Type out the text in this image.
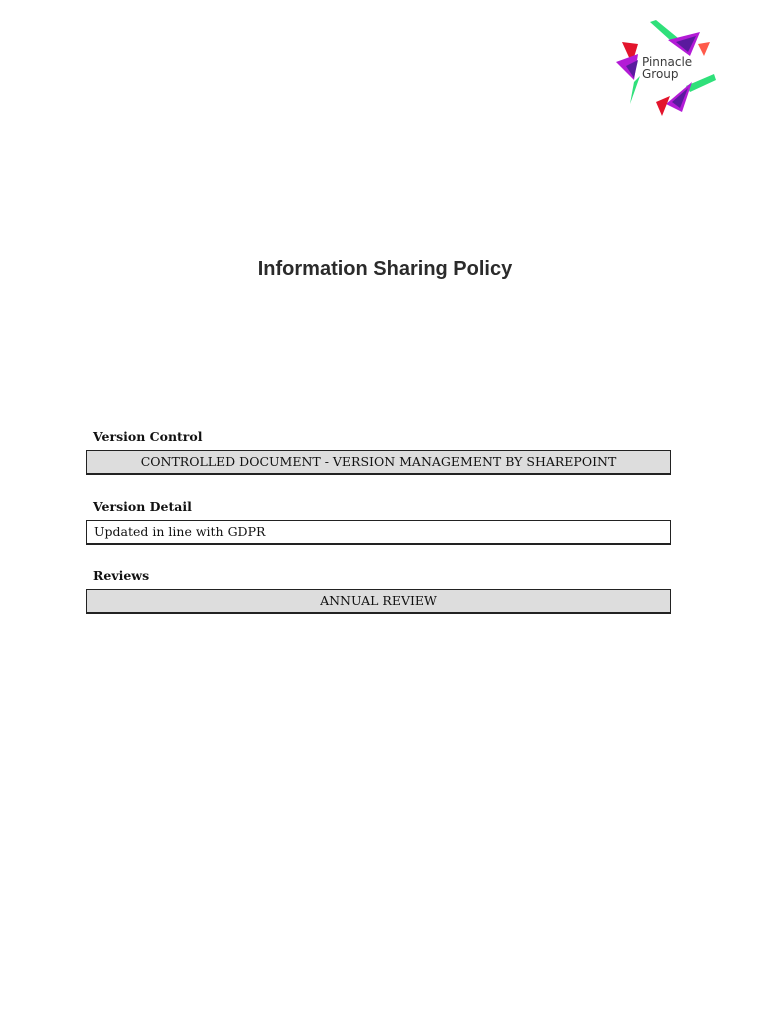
Pinnacle
Group
Information Sharing Policy
Version Control
CONTROLLED DOCUMENT - VERSION MANAGEMENT BY SHAREPOINT
Version Detail
Updated in line with GDPR
Reviews
ANNUAL REVIEW
